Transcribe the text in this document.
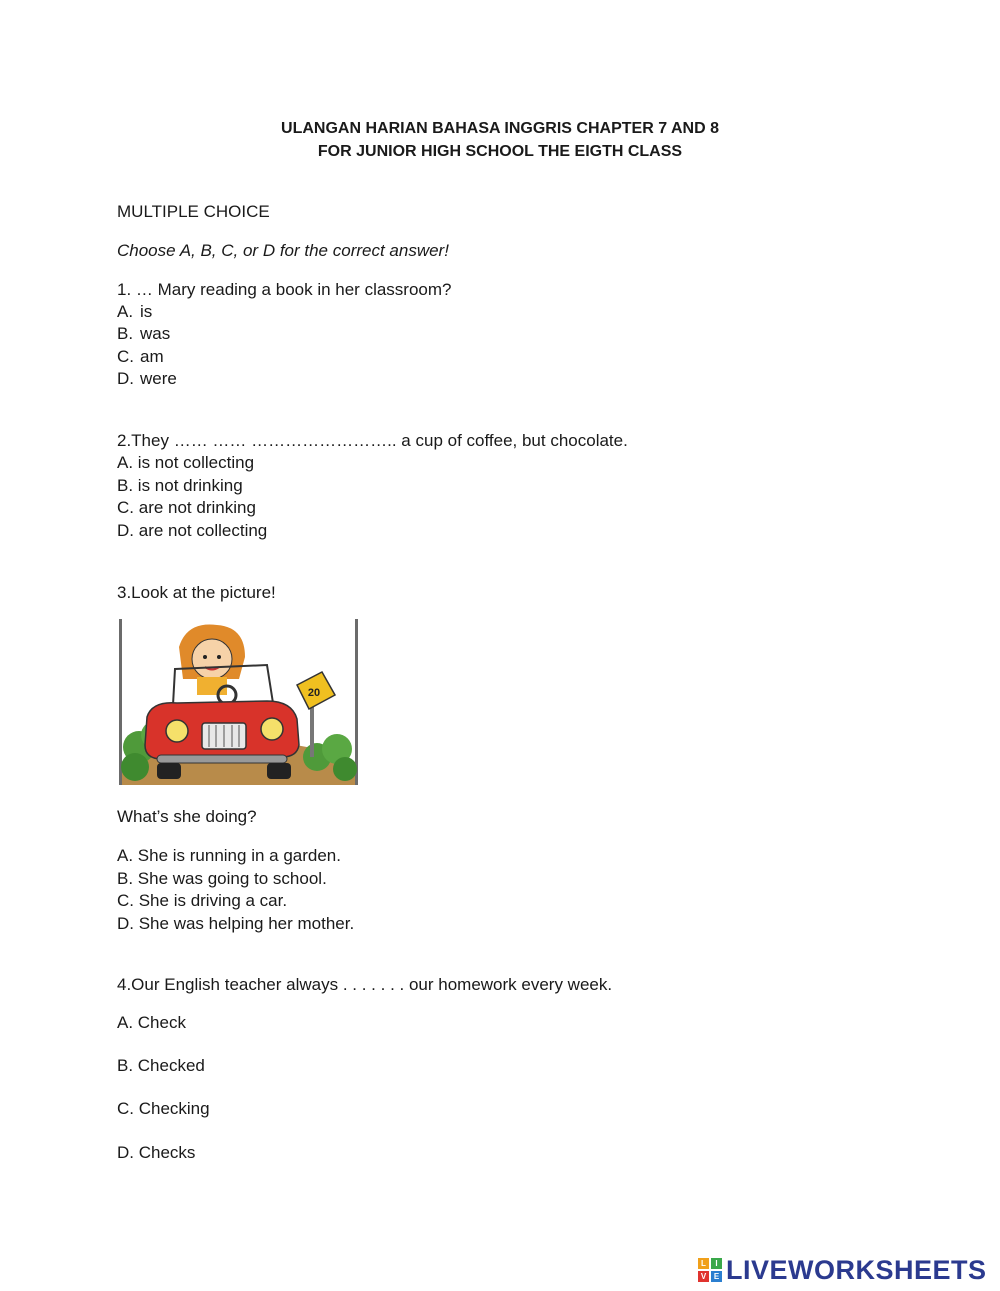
ULANGAN HARIAN BAHASA INGGRIS CHAPTER 7 AND 8
FOR JUNIOR HIGH SCHOOL THE EIGTH CLASS
MULTIPLE CHOICE
Choose A, B, C, or D for the correct answer!
1. … Mary reading a book in her classroom?
A. is
B. was
C. am
D. were
2.They …… …… …………………….. a cup of coffee, but chocolate.
A. is not collecting
B. is not drinking
C. are not drinking
D. are not collecting
3.Look at the picture!
20
What’s she doing?
A. She is running in a garden.
B. She was going to school.
C. She is driving a car.
D. She was helping her mother.
4.Our English teacher always . . . . . . . our homework every week.
A. Check
B. Checked
C. Checking
D. Checks
L	I
V E LIVEWORKSHEETS
